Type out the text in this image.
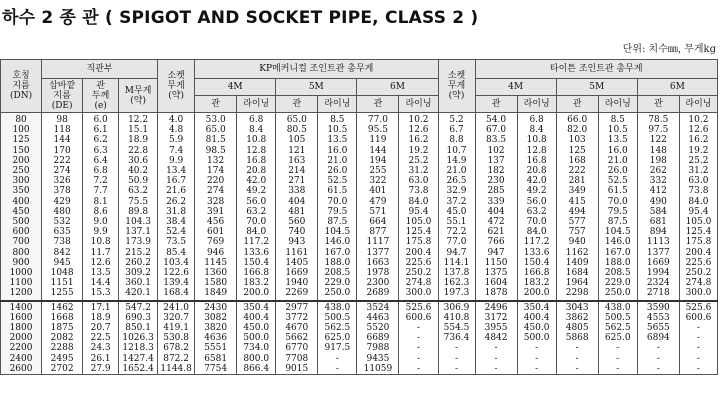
하수 2 종 관 ( SPIGOT AND SOCKET PIPE, CLASS 2 )
단위: 치수㎜, 무게kg
호칭
지름
(DN)	직관부			소켓
무게
(약)	KP메커니컬 조인트관 총무게						소켓
무게
(약)	타이튼 조인트관 총무게					
	삽바깥
지름
(DE)	관
두께
(e)	M무게
(약)		4M		5M		6M			4M		5M		6M	
					관	라이닝	관	라이닝	관	라이닝		관	라이닝	관	라이닝	관	라이닝
80	98	6.0	12.2	4.0	53.0	6.8	65.0	8.5	77.0	10.2	5.2	54.0	6.8	66.0	8.5	78.5	10.2
100	118	6.1	15.1	4.8	65.0	8.4	80.5	10.5	95.5	12.6	6.7	67.0	8.4	82.0	10.5	97.5	12.6
125	144	6.2	18.9	5.9	81.5	10.8	105	13.5	119	16.2	8.8	83.5	10.8	103	13.5	122	16.2
150	170	6.3	22.8	7.4	98.5	12.8	121	16.0	144	19.2	10.7	102	12.8	125	16.0	148	19.2
200	222	6.4	30.6	9.9	132	16.8	163	21.0	194	25.2	14.9	137	16.8	168	21.0	198	25.2
250	274	6.8	40.2	13.4	174	20.8	214	26.0	255	31.2	21.0	182	20.8	222	26.0	262	31.2
300	326	7.2	50.9	16.7	220	42.0	271	52.5	322	63.0	26.5	230	42.0	281	52.5	332	63.0
350	378	7.7	63.2	21.6	274	49.2	338	61.5	401	73.8	32.9	285	49.2	349	61.5	412	73.8
400	429	8.1	75.5	26.2	328	56.0	404	70.0	479	84.0	37.2	339	56.0	415	70.0	490	84.0
450	480	8.6	89.8	31.8	391	63.2	481	79.5	571	95.4	45.0	404	63.2	494	79.5	584	95.4
500	532	9.0	104.3	38.4	456	70.0	560	87.5	664	105.0	55.1	472	70.0	577	87.5	681	105.0
600	635	9.9	137.1	52.4	601	84.0	740	104.5	877	125.4	72.2	621	84.0	757	104.5	894	125.4
700	738	10.8	173.9	73.5	769	117.2	943	146.0	1117	175.8	77.0	766	117.2	940	146.0	1113	175.8
800	842	11.7	215.2	85.4	946	133.6	1161	167.0	1377	200.4	94.7	947	133.6	1162	167.0	1377	200.4
900	945	12.6	260.2	103.4	1145	150.4	1405	188.0	1663	225.6	114.1	1150	150.4	1409	188.0	1669	225.6
1000	1048	13.5	309.2	122.6	1360	166.8	1669	208.5	1978	250.2	137.8	1375	166.8	1684	208.5	1994	250.2
1100	1151	14.4	360.1	139.4	1580	183.2	1940	229.0	2300	274.8	162.3	1604	183.2	1964	229.0	2324	274.8
1200	1255	15.3	420.1	168.4	1849	200.0	2269	250.0	2689	300.0	197.3	1878	200.0	2298	250.0	2718	300.0
1400	1462	17.1	547.2	241.0	2430	350.4	2977	438.0	3524	525.6	306.9	2496	350.4	3043	438.0	3590	525.6
1600	1668	18.9	690.3	320.7	3082	400.4	3772	500.5	4463	600.6	410.8	3172	400.4	3862	500.5	4553	600.6
1800	1875	20.7	850.1	419.1	3820	450.0	4670	562.5	5520	-	554.5	3955	450.0	4805	562.5	5655	-
2000	2082	22.5	1026.3	530.8	4636	500.0	5662	625.0	6689	-	736.4	4842	500.0	5868	625.0	6894	-
2200	2288	24.3	1218.3	678.2	5551	734.0	6770	917.5	7988	-	-	-	-	-	-	-	-
2400	2495	26.1	1427.4	872.2	6581	800.0	7708	-	9435	-	-	-	-	-	-	-	-
2600	2702	27.9	1652.4	1144.8	7754	866.4	9015	-	11059	-	-	-	-	-	-	-	-
